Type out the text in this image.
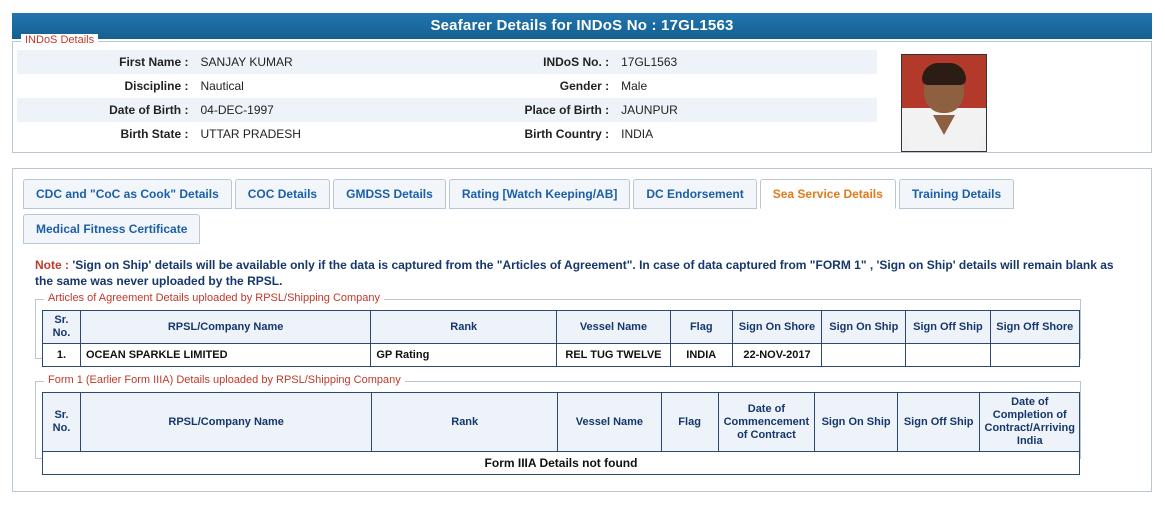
Seafarer Details for INDoS No : 17GL1563
INDoS Details
First Name :	SANJAY KUMAR	INDoS No. :	17GL1563
Discipline :	Nautical	Gender :	Male
Date of Birth :	04-DEC-1997	Place of Birth :	JAUNPUR
Birth State :	UTTAR PRADESH	Birth Country :	INDIA
CDC and "CoC as Cook" Details COC Details GMDSS Details Rating [Watch Keeping/AB] DC Endorsement Sea Service Details Training Details Medical Fitness Certificate
Note : 'Sign on Ship' details will be available only if the data is captured from the "Articles of Agreement". In case of data captured from "FORM 1" , 'Sign on Ship' details will remain blank as the same was never uploaded by the RPSL.
Articles of Agreement Details uploaded by RPSL/Shipping Company
Sr. No.	RPSL/Company Name	Rank	Vessel Name	Flag	Sign On Shore	Sign On Ship	Sign Off Ship	Sign Off Shore
1.	OCEAN SPARKLE LIMITED	GP Rating	REL TUG TWELVE	INDIA	22-NOV-2017			
Form 1 (Earlier Form IIIA) Details uploaded by RPSL/Shipping Company
Sr. No.	RPSL/Company Name	Rank	Vessel Name	Flag	Date of Commencement of Contract	Sign On Ship	Sign Off Ship	Date of Completion of Contract/Arriving India
Form IIIA Details not found
